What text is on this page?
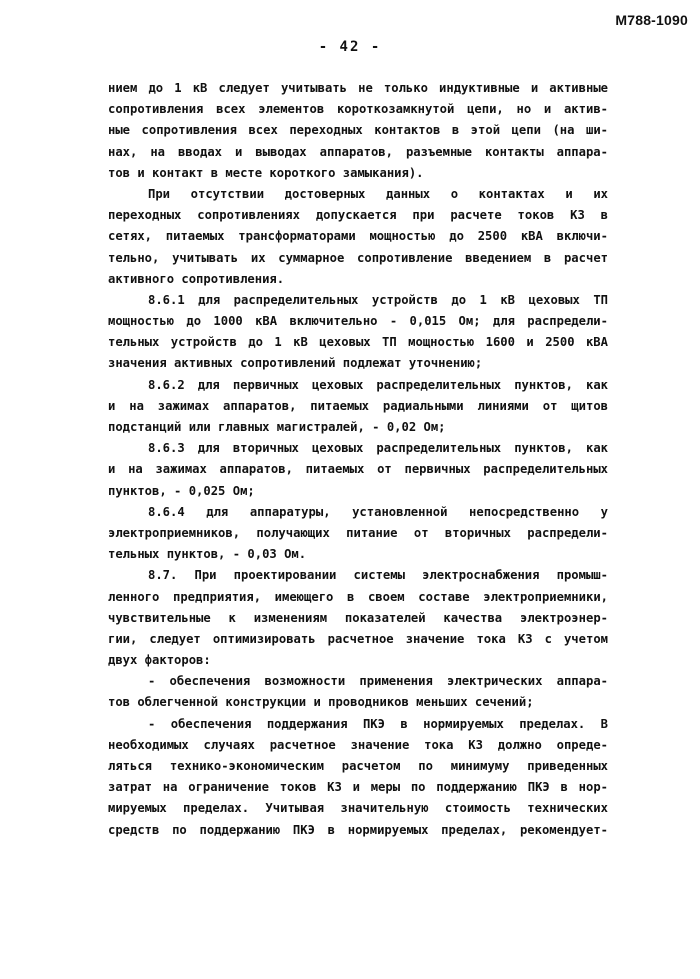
М788-1090
- 42 -
нием до 1 кВ следует учитывать не только индуктивные и активные
сопротивления всех элементов короткозамкнутой цепи, но и актив-
ные сопротивления всех переходных контактов в этой цепи (на ши-
нах, на вводах и выводах аппаратов, разъемные контакты аппара-
тов и контакт в месте короткого замыкания).
При отсутствии достоверных данных о контактах и их
переходных сопротивлениях допускается при расчете токов КЗ в
сетях, питаемых трансформаторами мощностью до 2500 кВА включи-
тельно, учитывать их суммарное сопротивление введением в расчет
активного сопротивления.
8.6.1 для распределительных устройств до 1 кВ цеховых ТП
мощностью до 1000 кВА включительно - 0,015 Ом; для распредели-
тельных устройств до 1 кВ цеховых ТП мощностью 1600 и 2500 кВА
значения активных сопротивлений подлежат уточнению;
8.6.2 для первичных цеховых распределительных пунктов, как
и на зажимах аппаратов, питаемых радиальными линиями от щитов
подстанций или главных магистралей, - 0,02 Ом;
8.6.3 для вторичных цеховых распределительных пунктов, как
и на зажимах аппаратов, питаемых от первичных распределительных
пунктов, - 0,025 Ом;
8.6.4 для аппаратуры, установленной непосредственно у
электроприемников, получающих питание от вторичных распредели-
тельных пунктов, - 0,03 Ом.
8.7. При проектировании системы электроснабжения промыш-
ленного предприятия, имеющего в своем составе электроприемники,
чувствительные к изменениям показателей качества электроэнер-
гии, следует оптимизировать расчетное значение тока КЗ с учетом
двух факторов:
- обеспечения возможности применения электрических аппара-
тов облегченной конструкции и проводников меньших сечений;
- обеспечения поддержания ПКЭ в нормируемых пределах. В
необходимых случаях расчетное значение тока КЗ должно опреде-
ляться технико-экономическим расчетом по минимуму приведенных
затрат на ограничение токов КЗ и меры по поддержанию ПКЭ в нор-
мируемых пределах. Учитывая значительную стоимость технических
средств по поддержанию ПКЭ в нормируемых пределах, рекомендует-
